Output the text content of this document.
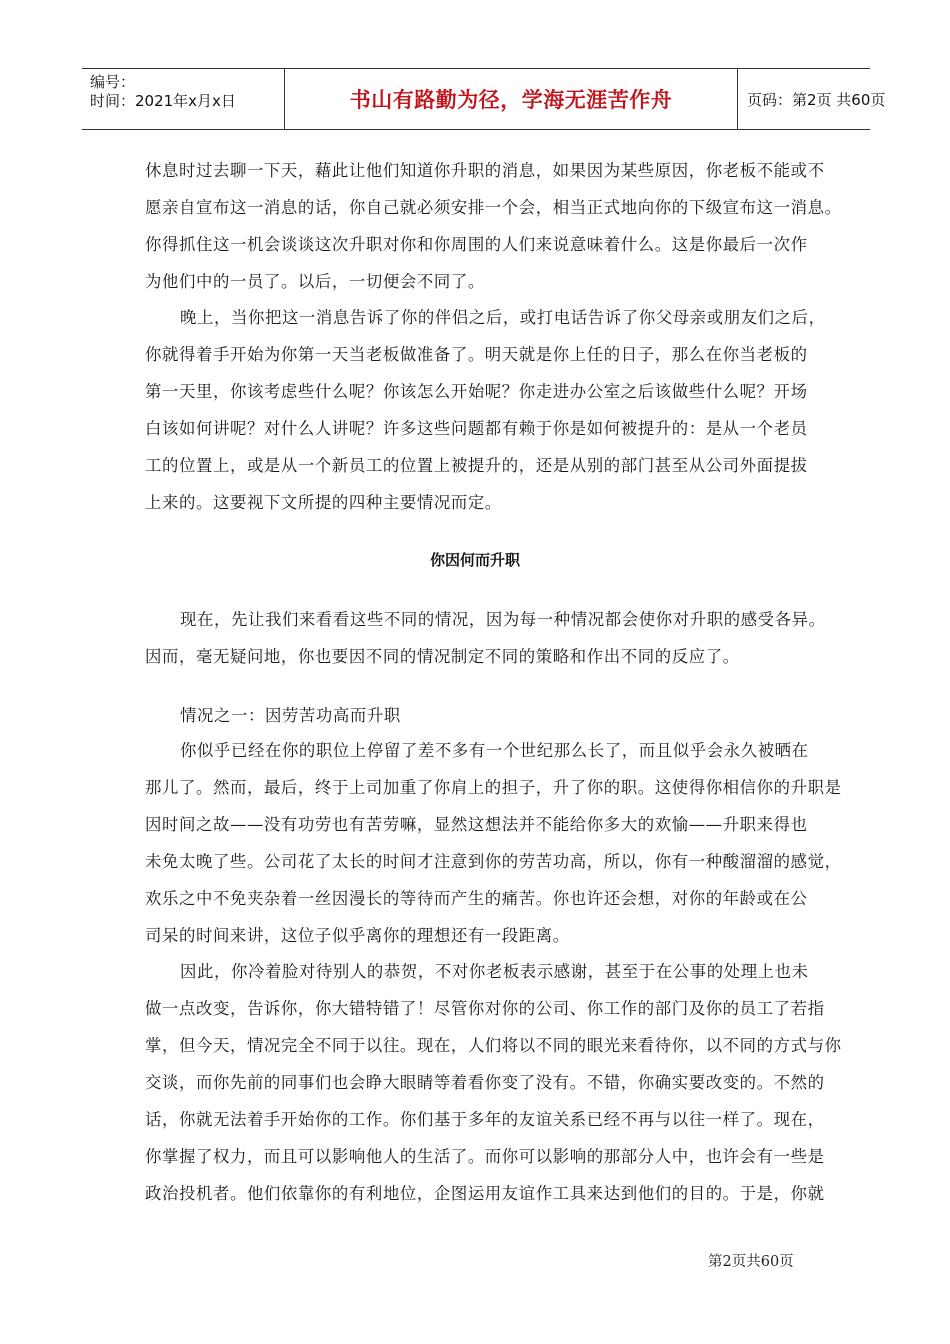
编号：
时间：2021年x月x日	书山有路勤为径，学海无涯苦作舟	页码：第2页 共60页
休息时过去聊一下天，藉此让他们知道你升职的消息，如果因为某些原因，你老板不能或不
愿亲自宣布这一消息的话，你自己就必须安排一个会，相当正式地向你的下级宣布这一消息。
你得抓住这一机会谈谈这次升职对你和你周围的人们来说意味着什么。这是你最后一次作
为他们中的一员了。以后，一切便会不同了。
晚上，当你把这一消息告诉了你的伴侣之后，或打电话告诉了你父母亲或朋友们之后，
你就得着手开始为你第一天当老板做准备了。明天就是你上任的日子，那么在你当老板的
第一天里，你该考虑些什么呢？你该怎么开始呢？你走进办公室之后该做些什么呢？开场
白该如何讲呢？对什么人讲呢？许多这些问题都有赖于你是如何被提升的：是从一个老员
工的位置上，或是从一个新员工的位置上被提升的，还是从别的部门甚至从公司外面提拔
上来的。这要视下文所提的四种主要情况而定。
你因何而升职
现在，先让我们来看看这些不同的情况，因为每一种情况都会使你对升职的感受各异。
因而，毫无疑问地，你也要因不同的情况制定不同的策略和作出不同的反应了。
情况之一：因劳苦功高而升职
你似乎已经在你的职位上停留了差不多有一个世纪那么长了，而且似乎会永久被晒在
那儿了。然而，最后，终于上司加重了你肩上的担子，升了你的职。这使得你相信你的升职是
因时间之故——没有功劳也有苦劳嘛，显然这想法并不能给你多大的欢愉——升职来得也
未免太晚了些。公司花了太长的时间才注意到你的劳苦功高，所以，你有一种酸溜溜的感觉，
欢乐之中不免夹杂着一丝因漫长的等待而产生的痛苦。你也许还会想，对你的年龄或在公
司呆的时间来讲，这位子似乎离你的理想还有一段距离。
因此，你冷着脸对待别人的恭贺，不对你老板表示感谢，甚至于在公事的处理上也未
做一点改变，告诉你，你大错特错了！尽管你对你的公司、你工作的部门及你的员工了若指
掌，但今天，情况完全不同于以往。现在，人们将以不同的眼光来看待你，以不同的方式与你
交谈，而你先前的同事们也会睁大眼睛等着看你变了没有。不错，你确实要改变的。不然的
话，你就无法着手开始你的工作。你们基于多年的友谊关系已经不再与以往一样了。现在，
你掌握了权力，而且可以影响他人的生活了。而你可以影响的那部分人中，也许会有一些是
政治投机者。他们依靠你的有利地位，企图运用友谊作工具来达到他们的目的。于是，你就
第2页共60页
